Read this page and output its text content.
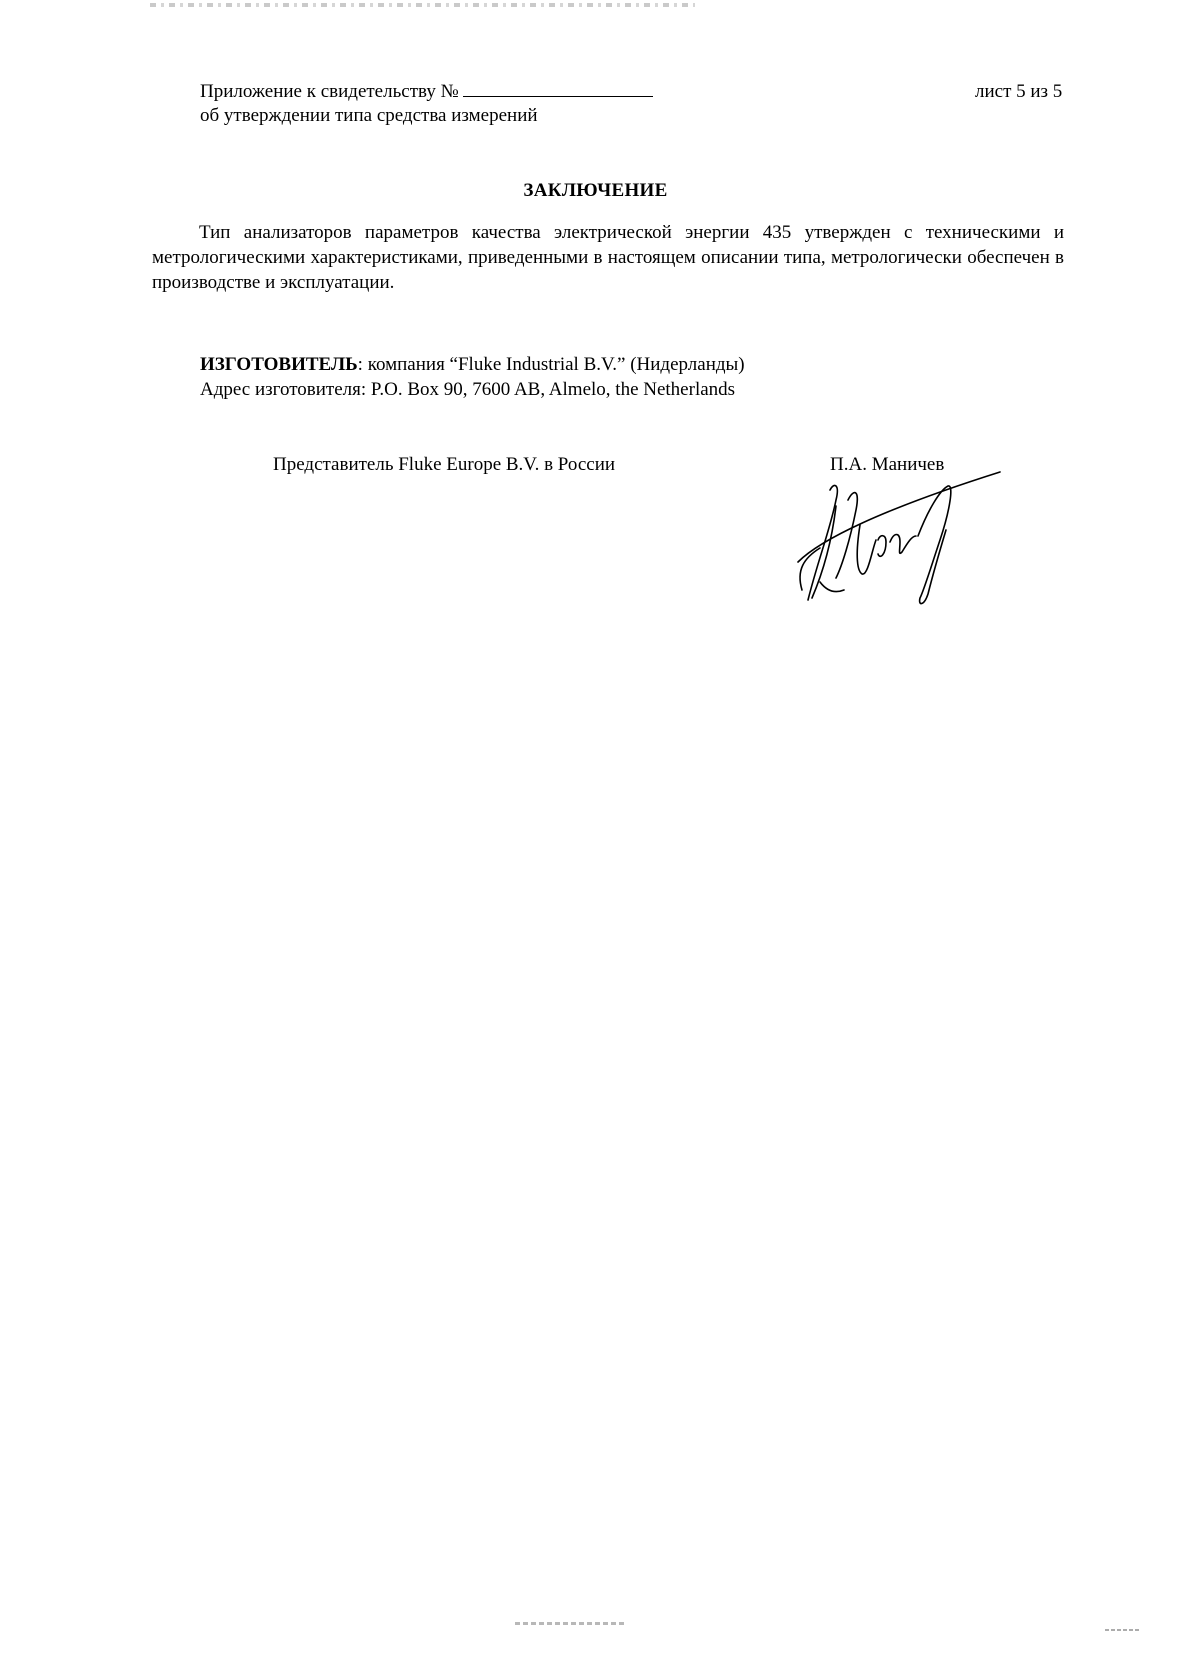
Приложение к свидетельству №
об утверждении типа средства измерений
лист 5 из 5
ЗАКЛЮЧЕНИЕ
Тип анализаторов параметров качества электрической энергии 435 утвержден с техническими и метрологическими характеристиками, приведенными в настоящем описании типа, метрологически обеспечен в производстве и эксплуатации.
ИЗГОТОВИТЕЛЬ: компания “Fluke Industrial B.V.” (Нидерланды)
Адрес изготовителя: P.O. Box 90, 7600 AB, Almelo, the Netherlands
Представитель Fluke Europe B.V. в России	П.А. Маничев
